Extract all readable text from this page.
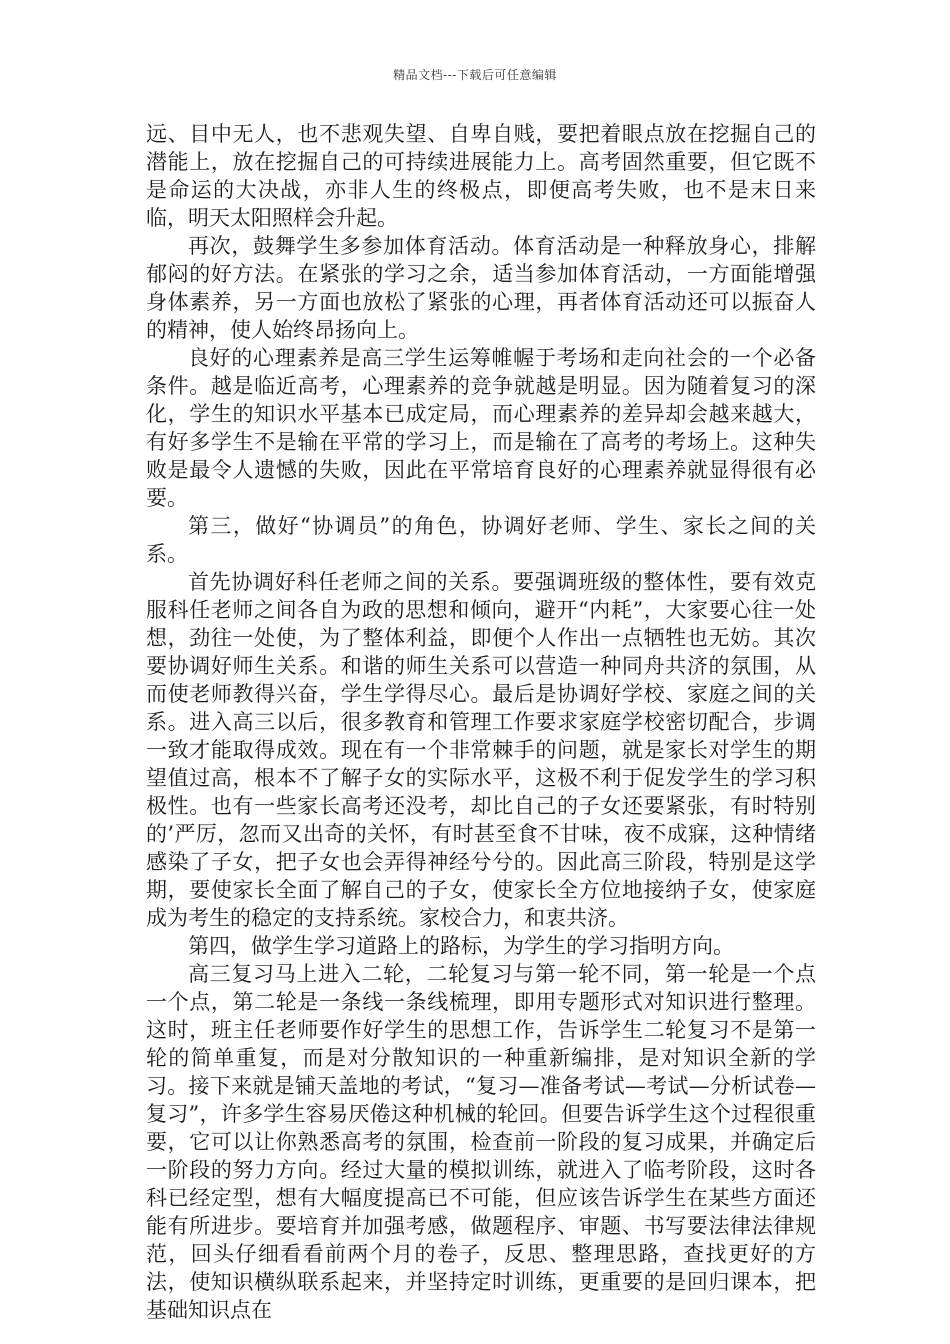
精品文档---下载后可任意编辑

远、目中无人，也不悲观失望、自卑自贱，要把着眼点放在挖掘自己的潜能上，放在挖掘自己的可持续进展能力上。高考固然重要，但它既不是命运的大决战，亦非人生的终极点，即便高考失败，也不是末日来临，明天太阳照样会升起。

再次，鼓舞学生多参加体育活动。体育活动是一种释放身心，排解郁闷的好方法。在紧张的学习之余，适当参加体育活动，一方面能增强身体素养，另一方面也放松了紧张的心理，再者体育活动还可以振奋人的精神，使人始终昂扬向上。

良好的心理素养是高三学生运筹帷幄于考场和走向社会的一个必备条件。越是临近高考，心理素养的竞争就越是明显。因为随着复习的深化，学生的知识水平基本已成定局，而心理素养的差异却会越来越大，有好多学生不是输在平常的学习上，而是输在了高考的考场上。这种失败是最令人遗憾的失败，因此在平常培育良好的心理素养就显得很有必要。

第三，做好“协调员”的角色，协调好老师、学生、家长之间的关系。

首先协调好科任老师之间的关系。要强调班级的整体性，要有效克服科任老师之间各自为政的思想和倾向，避开“内耗”，大家要心往一处想，劲往一处使，为了整体利益，即便个人作出一点牺牲也无妨。其次要协调好师生关系。和谐的师生关系可以营造一种同舟共济的氛围，从而使老师教得兴奋，学生学得尽心。最后是协调好学校、家庭之间的关系。进入高三以后，很多教育和管理工作要求家庭学校密切配合，步调一致才能取得成效。现在有一个非常棘手的问题，就是家长对学生的期望值过高，根本不了解子女的实际水平，这极不利于促发学生的学习积极性。也有一些家长高考还没考，却比自己的子女还要紧张，有时特别的’严厉，忽而又出奇的关怀，有时甚至食不甘味，夜不成寐，这种情绪感染了子女，把子女也会弄得神经兮兮的。因此高三阶段，特别是这学期，要使家长全面了解自己的子女，使家长全方位地接纳子女，使家庭成为考生的稳定的支持系统。家校合力，和衷共济。

第四，做学生学习道路上的路标，为学生的学习指明方向。

高三复习马上进入二轮，二轮复习与第一轮不同，第一轮是一个点一个点，第二轮是一条线一条线梳理，即用专题形式对知识进行整理。这时，班主任老师要作好学生的思想工作，告诉学生二轮复习不是第一轮的简单重复，而是对分散知识的一种重新编排，是对知识全新的学习。接下来就是铺天盖地的考试，“复习—准备考试—考试—分析试卷—复习”，许多学生容易厌倦这种机械的轮回。但要告诉学生这个过程很重要，它可以让你熟悉高考的氛围，检查前一阶段的复习成果，并确定后一阶段的努力方向。经过大量的模拟训练，就进入了临考阶段，这时各科已经定型，想有大幅度提高已不可能，但应该告诉学生在某些方面还能有所进步。要培育并加强考感，做题程序、审题、书写要法律法律规范，回头仔细看看前两个月的卷子，反思、整理思路，查找更好的方法，使知识横纵联系起来，并坚持定时训练，更重要的是回归课本，把基础知识点在
